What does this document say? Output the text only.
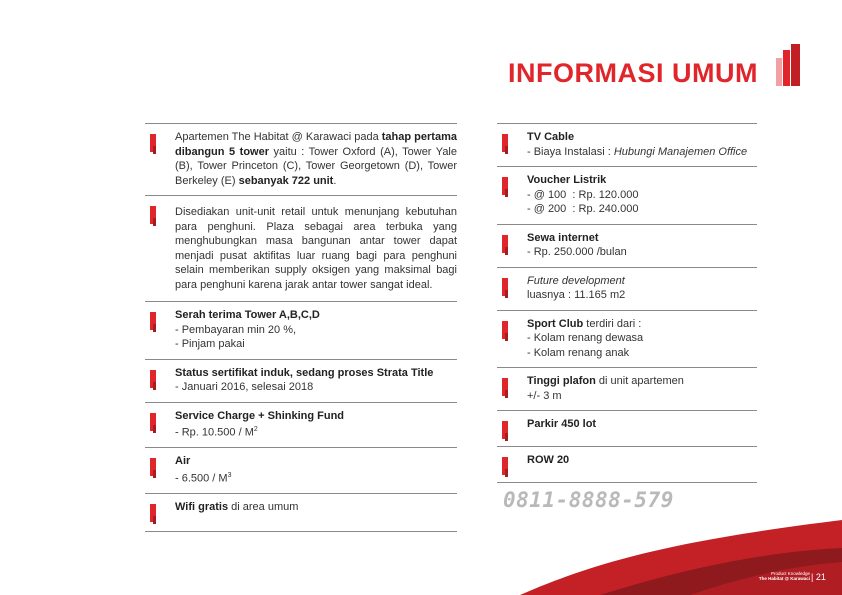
INFORMASI UMUM
Apartemen The Habitat @ Karawaci pada tahap pertama dibangun 5 tower yaitu : Tower Oxford (A), Tower Yale (B), Tower Princeton (C), Tower Georgetown (D), Tower Berkeley (E) sebanyak 722 unit.
Disediakan unit-unit retail untuk menunjang kebutuhan para penghuni. Plaza sebagai area terbuka yang menghubungkan masa bangunan antar tower dapat menjadi pusat aktifitas luar ruang bagi para penghuni selain memberikan supply oksigen yang maksimal bagi para penghuni karena jarak antar tower sangat ideal.
Serah terima Tower A,B,C,D
- Pembayaran min 20 %,
- Pinjam pakai
Status sertifikat induk, sedang proses Strata Title
- Januari 2016, selesai 2018
Service Charge + Shinking Fund
- Rp. $10.500 / M^2$
Air
- $6.500 / M^3$
Wifi gratis di area umum
TV Cable
- Biaya Instalasi : Hubungi Manajemen Office
Voucher Listrik
- @ 100  : Rp. 120.000
- @ 200  : Rp. 240.000
Sewa internet
- Rp. 250.000 /bulan
Future development
luasnya : 11.165 m2
Sport Club terdiri dari :
- Kolam renang dewasa
- Kolam renang anak
Tinggi plafon di unit apartemen
+/- 3 m
Parkir 450 lot
ROW 20
0811-8888-579
Product Knowledge
The Habitat @ Karawaci | 21
